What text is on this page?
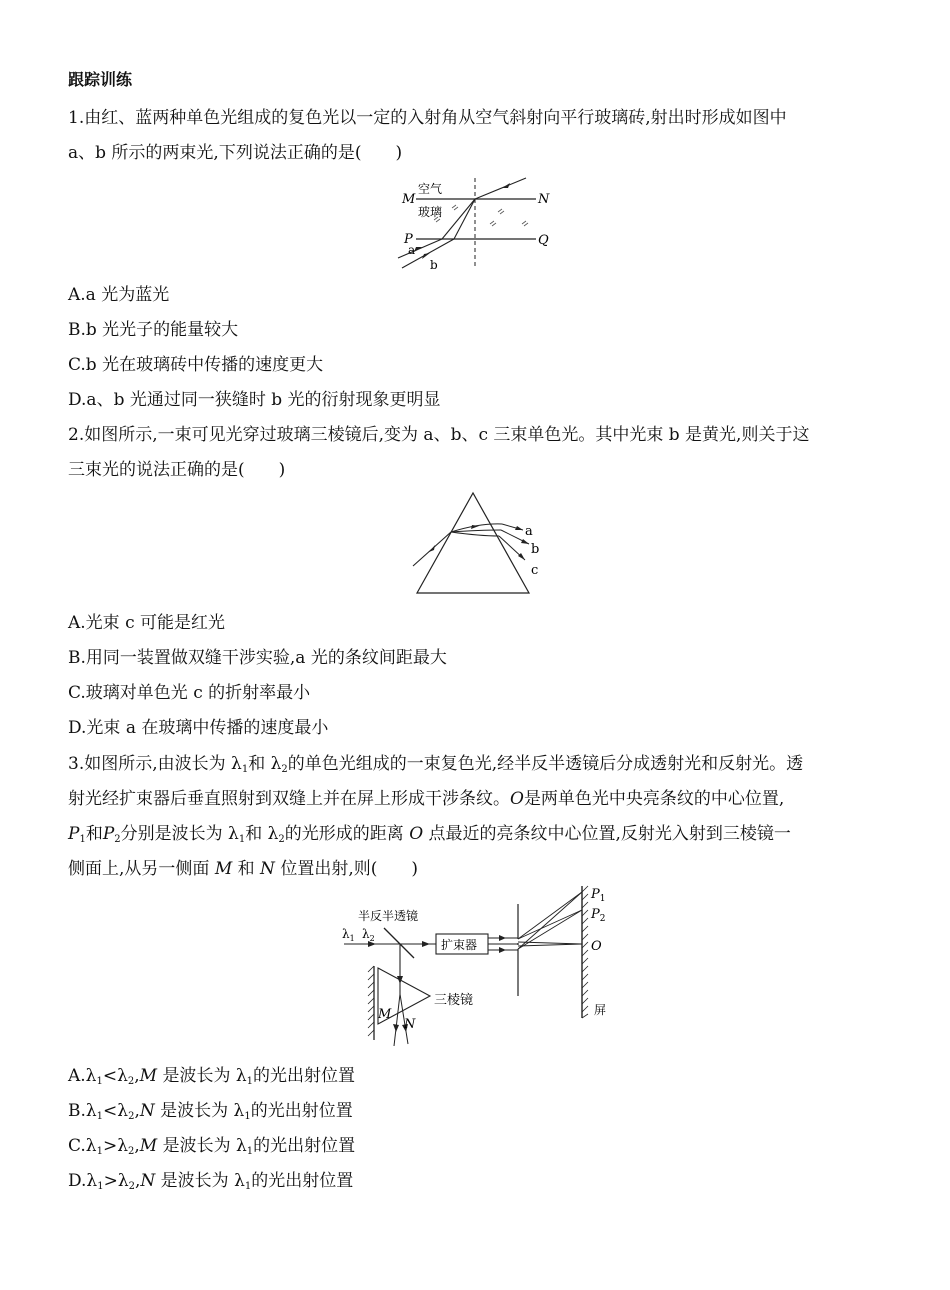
跟踪训练
1.由红、蓝两种单色光组成的复色光以一定的入射角从空气斜射向平行玻璃砖,射出时形成如图中
a、b 所示的两束光,下列说法正确的是(　　)
M	N
P	Q
空气
玻璃
a
b
A.a 光为蓝光
B.b 光光子的能量较大
C.b 光在玻璃砖中传播的速度更大
D.a、b 光通过同一狭缝时 b 光的衍射现象更明显
2.如图所示,一束可见光穿过玻璃三棱镜后,变为 a、b、c 三束单色光。其中光束 b 是黄光,则关于这
三束光的说法正确的是(　　)
a
b
c
A.光束 c 可能是红光
B.用同一装置做双缝干涉实验,a 光的条纹间距最大
C.玻璃对单色光 c 的折射率最小
D.光束 a 在玻璃中传播的速度最小
3.如图所示,由波长为 $\lambda_1$和 $\lambda_2$的单色光组成的一束复色光,经半反半透镜后分成透射光和反射光。透
射光经扩束器后垂直照射到双缝上并在屏上形成干涉条纹。O是两单色光中央亮条纹的中心位置,
$P_1$和$P_2$分别是波长为 $\lambda_1$和 $\lambda_2$的光形成的距离 O 点最近的亮条纹中心位置,反射光入射到三棱镜一
侧面上,从另一侧面 M 和 N 位置出射,则(　　)
扩束器
$P_1$
$P_2$
O
屏
半反半透镜
$\lambda_1$ $\lambda_2$
M
N
三棱镜
$A.\lambda_1<\lambda_2,M$ 是波长为 $\lambda_1$的光出射位置
$B.\lambda_1<\lambda_2,N$ 是波长为 $\lambda_1$的光出射位置
$C.\lambda_1>\lambda_2,M$ 是波长为 $\lambda_1$的光出射位置
$D.\lambda_1>\lambda_2,N$ 是波长为 $\lambda_1$的光出射位置
